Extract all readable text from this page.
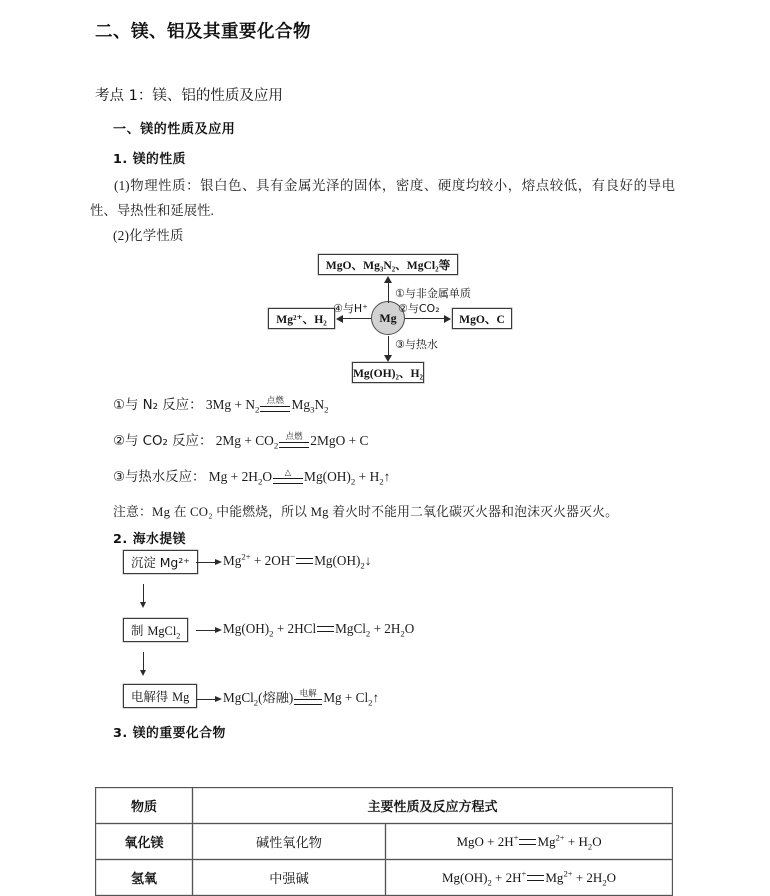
二、镁、铝及其重要化合物
考点 1：镁、铝的性质及应用
一、镁的性质及应用
1. 镁的性质
(1)物理性质：银白色、具有金属光泽的固体，密度、硬度均较小，熔点较低，有良好的导电性、导热性和延展性.
(2)化学性质
MgO、Mg₃N₂、MgCl₂等
Mg²⁺、H₂	MgO、C
Mg(OH)₂、H₂
Mg
①与非金属单质
②与CO₂
③与热水
④与H⁺
①与 N₂ 反应： $3Mg + N_2$
点燃 $Mg_3N_2$
②与 CO₂ 反应： $2Mg + CO_2$
点燃 2MgO + C
③与热水反应： $Mg + 2H_2O$	△ $Mg(OH)_2$ + $H_2↑$
注意：Mg 在 CO₂ 中能燃烧，所以 Mg 着火时不能用二氧化碳灭火器和泡沫灭火器灭火。
2. 海水提镁
沉淀 Mg²⁺	$Mg^{2+} + 2OH^-$ $Mg(OH)_2↓$
制 MgCl$_2$	$Mg(OH)_2 + 2HCl$ MgCl$_2$ + $2H_2O$
电解得 Mg	MgCl$_2$(熔融) 电解 $Mg + Cl_2↑$
3. 镁的重要化合物
物质	主要性质及反应方程式	
氧化镁	碱性氧化物	MgO + 2H+ $Mg^{2+} + H_2O$
氢氧	中强碱	$Mg(OH)_2 + 2H^+$ $Mg^{2+} + 2H_2O$
